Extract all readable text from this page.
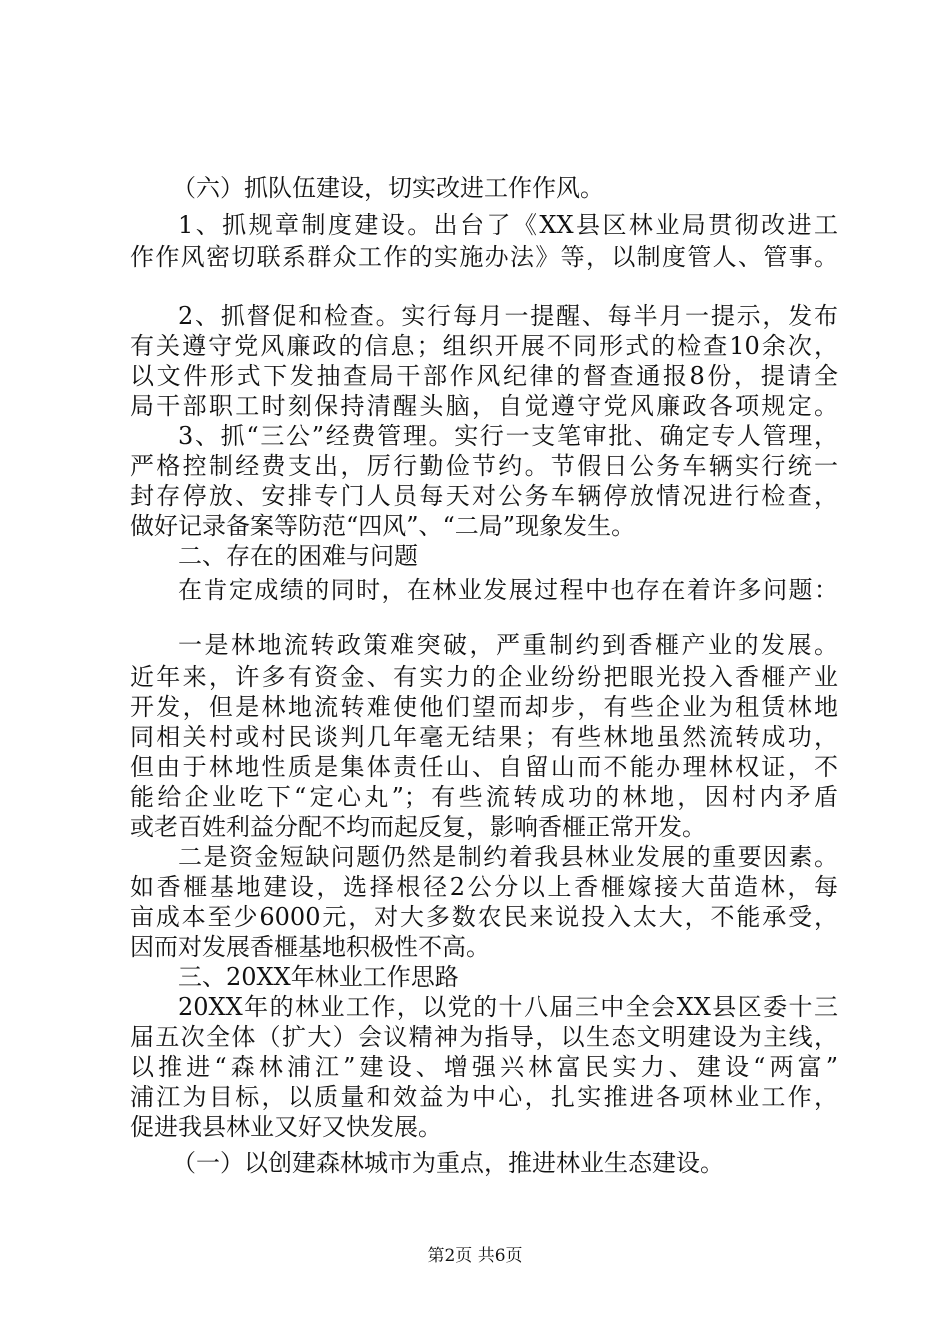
（六）抓队伍建设，切实改进工作作风。
1、抓规章制度建设。出台了《XX县区林业局贯彻改进工
作作风密切联系群众工作的实施办法》等，以制度管人、管事。
2、抓督促和检查。实行每月一提醒、每半月一提示，发布
有关遵守党风廉政的信息；组织开展不同形式的检查10余次，
以文件形式下发抽查局干部作风纪律的督查通报8份，提请全
局干部职工时刻保持清醒头脑，自觉遵守党风廉政各项规定。
3、抓“三公”经费管理。实行一支笔审批、确定专人管理，
严格控制经费支出，厉行勤俭节约。节假日公务车辆实行统一
封存停放、安排专门人员每天对公务车辆停放情况进行检查，
做好记录备案等防范“四风”、“二局”现象发生。
二、存在的困难与问题
在肯定成绩的同时，在林业发展过程中也存在着许多问题：
一是林地流转政策难突破，严重制约到香榧产业的发展。
近年来，许多有资金、有实力的企业纷纷把眼光投入香榧产业
开发，但是林地流转难使他们望而却步，有些企业为租赁林地
同相关村或村民谈判几年毫无结果；有些林地虽然流转成功，
但由于林地性质是集体责任山、自留山而不能办理林权证，不
能给企业吃下“定心丸”；有些流转成功的林地，因村内矛盾
或老百姓利益分配不均而起反复，影响香榧正常开发。
二是资金短缺问题仍然是制约着我县林业发展的重要因素。
如香榧基地建设，选择根径2公分以上香榧嫁接大苗造林，每
亩成本至少6000元，对大多数农民来说投入太大，不能承受，
因而对发展香榧基地积极性不高。
三、20XX年林业工作思路
20XX年的林业工作，以党的十八届三中全会XX县区委十三
届五次全体（扩大）会议精神为指导，以生态文明建设为主线，
以推进“森林浦江”建设、增强兴林富民实力、建设“两富”
浦江为目标，以质量和效益为中心，扎实推进各项林业工作，
促进我县林业又好又快发展。
（一）以创建森林城市为重点，推进林业生态建设。
第2页 共6页
